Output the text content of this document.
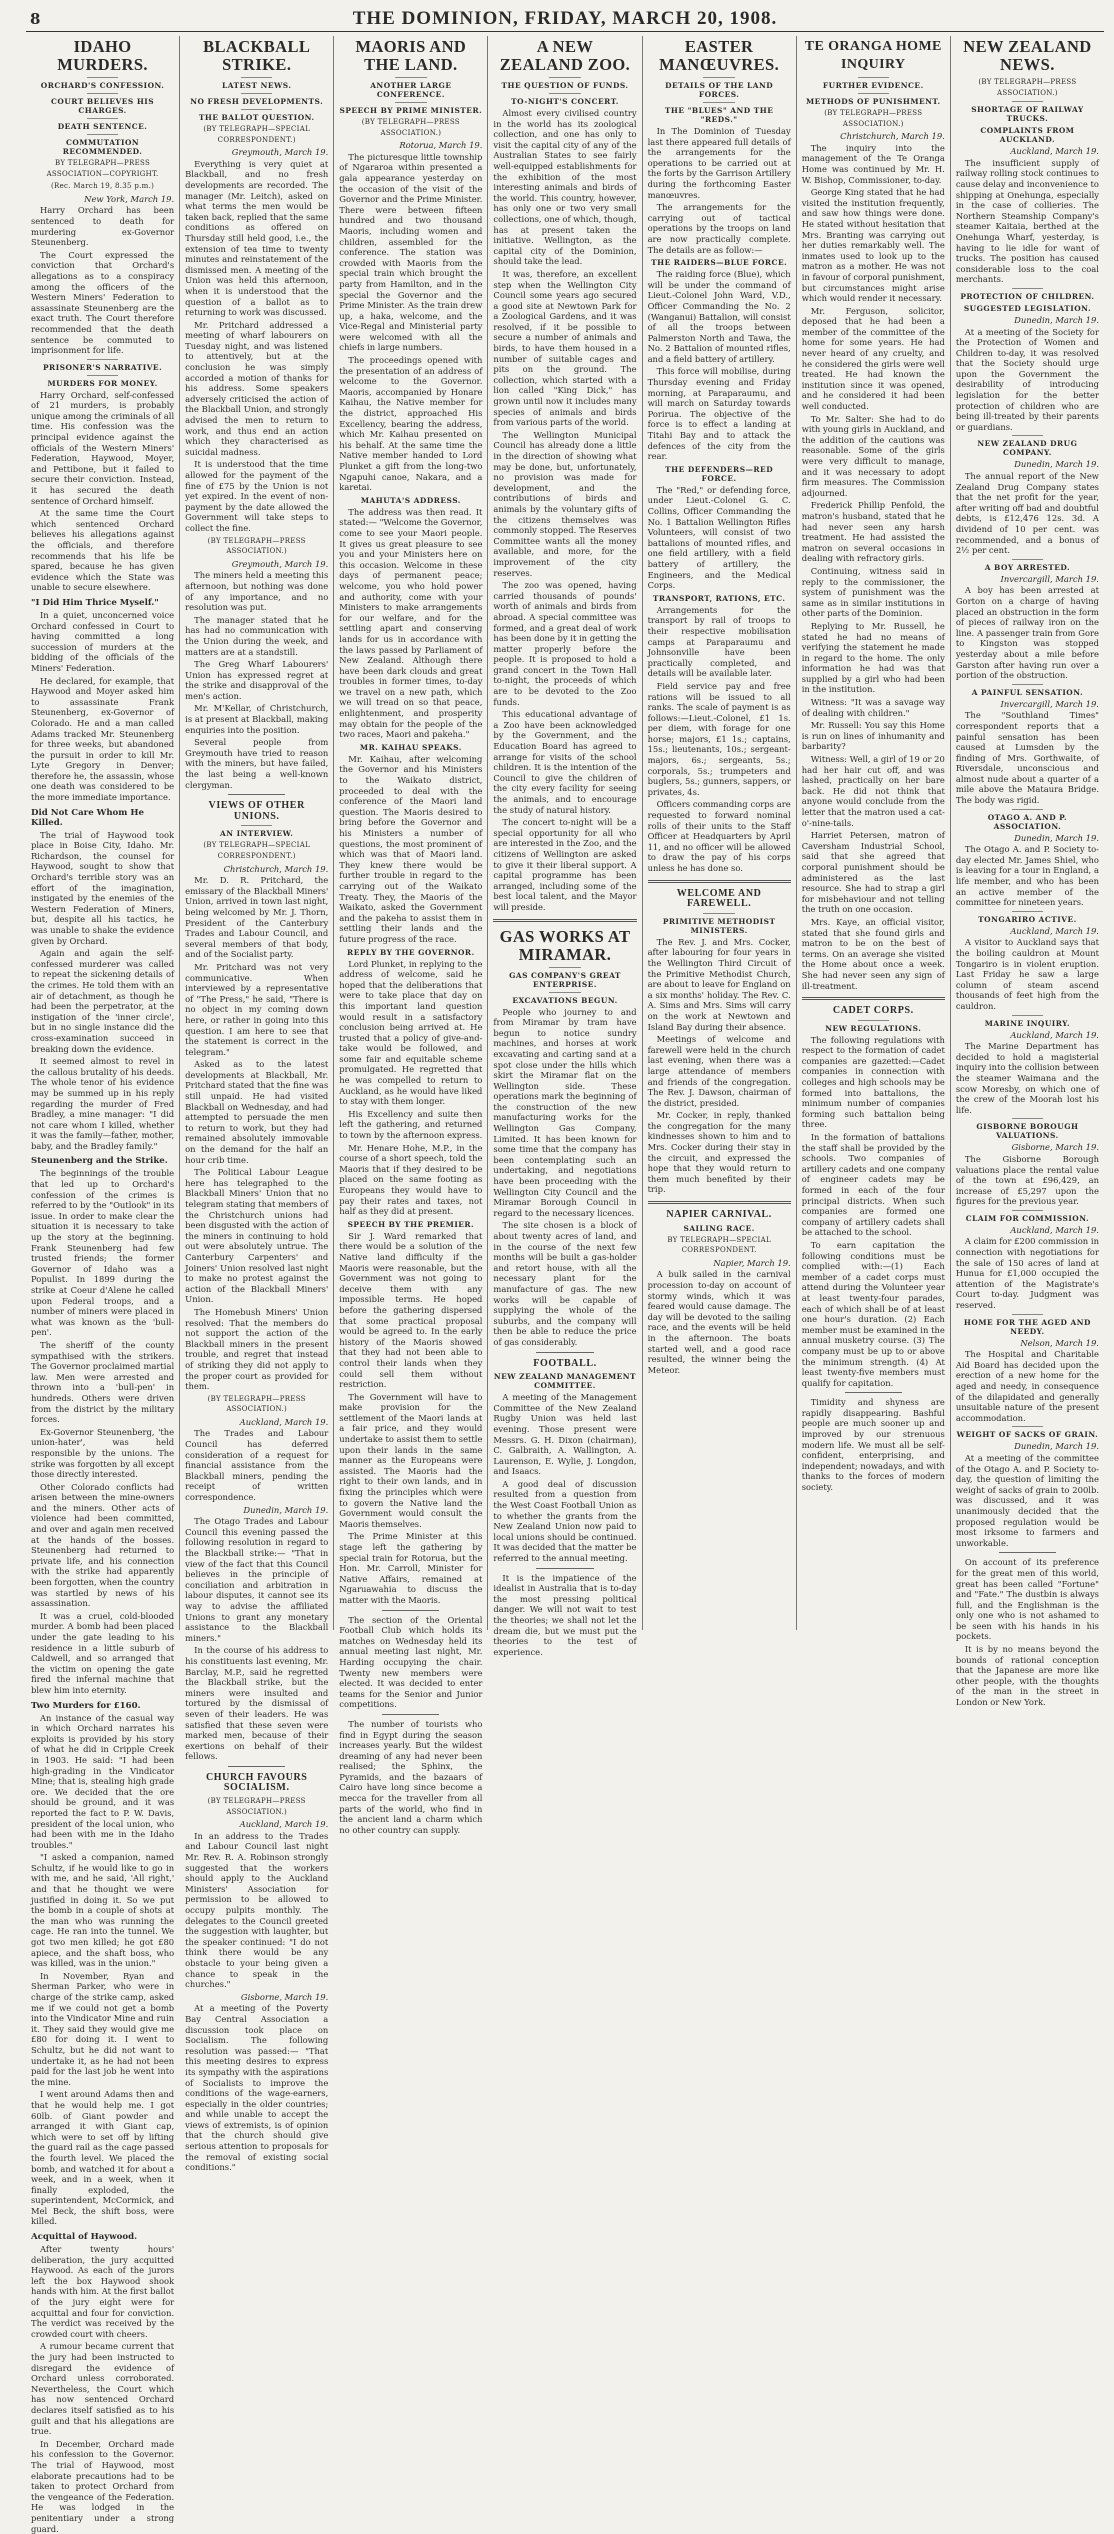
8	THE DOMINION, FRIDAY, MARCH 20, 1908.
IDAHO MURDERS.
ORCHARD'S CONFESSION.
COURT BELIEVES HIS CHARGES.
DEATH SENTENCE.
COMMUTATION RECOMMENDED.
BY TELEGRAPH—PRESS ASSOCIATION—COPYRIGHT.
(Rec. March 19, 8.35 p.m.)
New York, March 19.

Harry Orchard has been sentenced to death for murdering ex-Governor Steunenberg.

The Court expressed the conviction that Orchard's allegations as to a conspiracy among the officers of the Western Miners' Federation to assassinate Steunenberg are the exact truth. The Court therefore recommended that the death sentence be commuted to imprisonment for life.

PRISONER'S NARRATIVE.
MURDERS FOR MONEY.

Harry Orchard, self-confessed of 21 murders, is probably unique among the criminals of all time. His confession was the principal evidence against the officials of the Western Miners' Federation, Haywood, Moyer, and Pettibone, but it failed to secure their conviction. Instead, it has secured the death sentence of Orchard himself.

At the same time the Court which sentenced Orchard believes his allegations against the officials, and therefore recommends that his life be spared, because he has given evidence which the State was unable to secure elsewhere.

"I Did Him Thrice Myself."

In a quiet, unconcerned voice Orchard confessed in Court to having committed a long succession of murders at the bidding of the officials of the Miners' Federation.

He declared, for example, that Haywood and Moyer asked him to assassinate Frank Steunenberg, ex-Governor of Colorado. He and a man called Adams tracked Mr. Steunenberg for three weeks, but abandoned the pursuit in order to kill Mr. Lyte Gregory in Denver; therefore he, the assassin, whose one death was considered to be the more immediate importance.

Did Not Care Whom He Killed.

The trial of Haywood took place in Boise City, Idaho. Mr. Richardson, the counsel for Haywood, sought to show that Orchard's terrible story was an effort of the imagination, instigated by the enemies of the Western Federation of Miners, but, despite all his tactics, he was unable to shake the evidence given by Orchard.

Again and again the self-confessed murderer was called to repeat the sickening details of the crimes. He told them with an air of detachment, as though he had been the perpetrator, at the instigation of the 'inner circle', but in no single instance did the cross-examination succeed in breaking down the evidence.

It seemed almost to revel in the callous brutality of his deeds. The whole tenor of his evidence may be summed up in his reply regarding the murder of Fred Bradley, a mine manager: "I did not care whom I killed, whether it was the family—father, mother, baby, and the Bradley family."

Steunenberg and the Strike.

The beginnings of the trouble that led up to Orchard's confession of the crimes is referred to by the "Outlook" in its issue. In order to make clear the situation it is necessary to take up the story at the beginning. Frank Steunenberg had few trusted friends; the former Governor of Idaho was a Populist. In 1899 during the strike at Coeur d'Alene he called upon Federal troops, and a number of miners were placed in what was known as the 'bull-pen'.

The sheriff of the county sympathised with the strikers. The Governor proclaimed martial law. Men were arrested and thrown into a 'bull-pen' in hundreds. Others were driven from the district by the military forces.

Ex-Governor Steunenberg, 'the union-hater', was held responsible by the unions. The strike was forgotten by all except those directly interested.

Other Colorado conflicts had arisen between the mine-owners and the miners. Other acts of violence had been committed, and over and again men received at the hands of the bosses. Steunenberg had returned to private life, and his connection with the strike had apparently been forgotten, when the country was startled by news of his assassination.

It was a cruel, cold-blooded murder. A bomb had been placed under the gate leading to his residence in a little suburb of Caldwell, and so arranged that the victim on opening the gate fired the infernal machine that blew him into eternity.

Two Murders for £160.

An instance of the casual way in which Orchard narrates his exploits is provided by his story of what he did in Cripple Creek in 1903. He said: "I had been high-grading in the Vindicator Mine; that is, stealing high grade ore. We decided that the ore should be ground, and it was reported the fact to P. W. Davis, president of the local union, who had been with me in the Idaho troubles."

"I asked a companion, named Schultz, if he would like to go in with me, and he said, 'All right,' and that he thought we were justified in doing it. So we put the bomb in a couple of shots at the man who was running the cage. He ran into the tunnel. We got two men killed; he got £80 apiece, and the shaft boss, who was killed, was in the union."

In November, Ryan and Sherman Parker, who were in charge of the strike camp, asked me if we could not get a bomb into the Vindicator Mine and ruin it. They said they would give me £80 for doing it. I went to Schultz, but he did not want to undertake it, as he had not been paid for the last job he went into the mine.

I went around Adams then and that he would help me. I got 60lb. of Giant powder and arranged it with Giant cap, which were to set off by lifting the guard rail as the cage passed the fourth level. We placed the bomb, and watched it for about a week, and in a week, when it finally exploded, the superintendent, McCormick, and Mel Beck, the shift boss, were killed.

Acquittal of Haywood.

After twenty hours' deliberation, the jury acquitted Haywood. As each of the jurors left the box Haywood shook hands with him. At the first ballot of the jury eight were for acquittal and four for conviction. The verdict was received by the crowded court with cheers.

A rumour became current that the jury had been instructed to disregard the evidence of Orchard unless corroborated. Nevertheless, the Court which has now sentenced Orchard declares itself satisfied as to his guilt and that his allegations are true.

In December, Orchard made his confession to the Governor. The trial of Haywood, most elaborate precautions had to be taken to protect Orchard from the vengeance of the Federation. He was lodged in the penitentiary under a strong guard.

BLACKBALL STRIKE.
LATEST NEWS.
NO FRESH DEVELOPMENTS.
THE BALLOT QUESTION.
(BY TELEGRAPH—SPECIAL CORRESPONDENT.)
Greymouth, March 19.

Everything is very quiet at Blackball, and no fresh developments are recorded. The manager (Mr. Leitch), asked on what terms the men would be taken back, replied that the same conditions as offered on Thursday still held good, i.e., the extension of tea time to twenty minutes and reinstatement of the dismissed men. A meeting of the Union was held this afternoon, when it is understood that the question of a ballot as to returning to work was discussed.

Mr. Pritchard addressed a meeting of wharf labourers on Tuesday night, and was listened to attentively, but at the conclusion he was simply accorded a motion of thanks for his address. Some speakers adversely criticised the action of the Blackball Union, and strongly advised the men to return to work, and thus end an action which they characterised as suicidal madness.

It is understood that the time allowed for the payment of the fine of £75 by the Union is not yet expired. In the event of non-payment by the date allowed the Government will take steps to collect the fine.

(BY TELEGRAPH—PRESS ASSOCIATION.)
Greymouth, March 19.

The miners held a meeting this afternoon, but nothing was done of any importance, and no resolution was put.

The manager stated that he has had no communication with the Union during the week, and matters are at a standstill.

The Greg Wharf Labourers' Union has expressed regret at the strike and disapproval of the men's action.

Mr. M'Kellar, of Christchurch, is at present at Blackball, making enquiries into the position.

Several people from Greymouth have tried to reason with the miners, but have failed, the last being a well-known clergyman.

VIEWS OF OTHER UNIONS.
AN INTERVIEW.
(BY TELEGRAPH—SPECIAL CORRESPONDENT.)
Christchurch, March 19.

Mr. D. R. Pritchard, the emissary of the Blackball Miners' Union, arrived in town last night, being welcomed by Mr. J. Thorn, President of the Canterbury Trades and Labour Council, and several members of that body, and of the Socialist party.

Mr. Pritchard was not very communicative. When interviewed by a representative of "The Press," he said, "There is no object in my coming down here, or rather in going into this question. I am here to see that the statement is correct in the telegram."

Asked as to the latest developments at Blackball, Mr. Pritchard stated that the fine was still unpaid. He had visited Blackball on Wednesday, and had attempted to persuade the men to return to work, but they had remained absolutely immovable on the demand for the half an hour crib time.

The Political Labour League here has telegraphed to the Blackball Miners' Union that no telegram stating that members of the Christchurch unions had been disgusted with the action of the miners in continuing to hold out were absolutely untrue. The Canterbury Carpenters' and Joiners' Union resolved last night to make no protest against the action of the Blackball Miners' Union.

The Homebush Miners' Union resolved: That the members do not support the action of the Blackball miners in the present trouble, and regret that instead of striking they did not apply to the proper court as provided for them.

(BY TELEGRAPH—PRESS ASSOCIATION.)
Auckland, March 19.

The Trades and Labour Council has deferred consideration of a request for financial assistance from the Blackball miners, pending the receipt of written correspondence.

Dunedin, March 19.

The Otago Trades and Labour Council this evening passed the following resolution in regard to the Blackball strike:— "That in view of the fact that this Council believes in the principle of conciliation and arbitration in labour disputes, it cannot see its way to advise the affiliated Unions to grant any monetary assistance to the Blackball miners."

In the course of his address to his constituents last evening, Mr. Barclay, M.P., said he regretted the Blackball strike, but the miners were insulted and tortured by the dismissal of seven of their leaders. He was satisfied that these seven were marked men, because of their exertions on behalf of their fellows.

CHURCH FAVOURS SOCIALISM.
(BY TELEGRAPH—PRESS ASSOCIATION.)
Auckland, March 19.

In an address to the Trades and Labour Council last night Mr. Rev. R. A. Robinson strongly suggested that the workers should apply to the Auckland Ministers' Association for permission to be allowed to occupy pulpits monthly. The delegates to the Council greeted the suggestion with laughter, but the speaker continued: "I do not think there would be any obstacle to your being given a chance to speak in the churches."

Gisborne, March 19.

At a meeting of the Poverty Bay Central Association a discussion took place on Socialism. The following resolution was passed:— "That this meeting desires to express its sympathy with the aspirations of Socialists to improve the conditions of the wage-earners, especially in the older countries; and while unable to accept the views of extremists, is of opinion that the church should give serious attention to proposals for the removal of existing social conditions."

MAORIS AND THE LAND.
ANOTHER LARGE CONFERENCE.
SPEECH BY PRIME MINISTER.
(BY TELEGRAPH—PRESS ASSOCIATION.)
Rotorua, March 19.

The picturesque little township of Ngararoa within presented a gala appearance yesterday on the occasion of the visit of the Governor and the Prime Minister. There were between fifteen hundred and two thousand Maoris, including women and children, assembled for the conference. The station was crowded with Maoris from the special train which brought the party from Hamilton, and in the special the Governor and the Prime Minister. As the train drew up, a haka, welcome, and the Vice-Regal and Ministerial party were welcomed with all the chiefs in large numbers.

The proceedings opened with the presentation of an address of welcome to the Governor. Maoris, accompanied by Honare Kaihau, the Native member for the district, approached His Excellency, bearing the address, which Mr. Kaihau presented on his behalf. At the same time the Native member handed to Lord Plunket a gift from the long-two Ngapuhi canoe, Nakara, and a karetai.

MAHUTA'S ADDRESS.

The address was then read. It stated:— "Welcome the Governor, come to see your Maori people. It gives us great pleasure to see you and your Ministers here on this occasion. Welcome in these days of permanent peace; welcome, you who hold power and authority, come with your Ministers to make arrangements for our welfare, and for the settling apart and conserving lands for us in accordance with the laws passed by Parliament of New Zealand. Although there have been dark clouds and great troubles in former times, to-day we travel on a new path, which we will tread on so that peace, enlightenment, and prosperity may obtain for the people of the two races, Maori and pakeha."

MR. KAIHAU SPEAKS.

Mr. Kaihau, after welcoming the Governor and his Ministers to the Waikato district, proceeded to deal with the conference of the Maori land question. The Maoris desired to bring before the Governor and his Ministers a number of questions, the most prominent of which was that of Maori land. They knew there would be further trouble in regard to the carrying out of the Waikato Treaty. They, the Maoris of the Waikato, asked the Government and the pakeha to assist them in settling their lands and the future progress of the race.

REPLY BY THE GOVERNOR.

Lord Plunket, in replying to the address of welcome, said he hoped that the deliberations that were to take place that day on this important land question would result in a satisfactory conclusion being arrived at. He trusted that a policy of give-and-take would be followed, and some fair and equitable scheme promulgated. He regretted that he was compelled to return to Auckland, as he would have liked to stay with them longer.

His Excellency and suite then left the gathering, and returned to town by the afternoon express.

Mr. Henare Hohe, M.P., in the course of a short speech, told the Maoris that if they desired to be placed on the same footing as Europeans they would have to pay their rates and taxes, not half as they did at present.

SPEECH BY THE PREMIER.

Sir J. Ward remarked that there would be a solution of the Native land difficulty if the Maoris were reasonable, but the Government was not going to deceive them with any impossible terms. He hoped before the gathering dispersed that some practical proposal would be agreed to. In the early history of the Maoris showed that they had not been able to control their lands when they could sell them without restriction.

The Government will have to make provision for the settlement of the Maori lands at a fair price, and they would undertake to assist them to settle upon their lands in the same manner as the Europeans were assisted. The Maoris had the right to their own lands, and in fixing the principles which were to govern the Native land the Government would consult the Maoris themselves.

The Prime Minister at this stage left the gathering by special train for Rotorua, but the Hon. Mr. Carroll, Minister for Native Affairs, remained at Ngaruawahia to discuss the matter with the Maoris.

The section of the Oriental Football Club which holds its matches on Wednesday held its annual meeting last night, Mr. Harding occupying the chair. Twenty new members were elected. It was decided to enter teams for the Senior and Junior competitions.

The number of tourists who find in Egypt during the season increases yearly. But the wildest dreaming of any had never been realised; the Sphinx, the Pyramids, and the bazaars of Cairo have long since become a mecca for the traveller from all parts of the world, who find in the ancient land a charm which no other country can supply.

A NEW ZEALAND ZOO.
THE QUESTION OF FUNDS.
TO-NIGHT'S CONCERT.

Almost every civilised country in the world has its zoological collection, and one has only to visit the capital city of any of the Australian States to see fairly well-equipped establishments for the exhibition of the most interesting animals and birds of the world. This country, however, has only one or two very small collections, one of which, though, has at present taken the initiative. Wellington, as the capital city of the Dominion, should take the lead.

It was, therefore, an excellent step when the Wellington City Council some years ago secured a good site at Newtown Park for a Zoological Gardens, and it was resolved, if it be possible to secure a number of animals and birds, to have them housed in a number of suitable cages and pits on the ground. The collection, which started with a lion called "King Dick," has grown until now it includes many species of animals and birds from various parts of the world.

The Wellington Municipal Council has already done a little in the direction of showing what may be done, but, unfortunately, no provision was made for development, and the contributions of birds and animals by the voluntary gifts of the citizens themselves was commonly stopped. The Reserves Committee wants all the money available, and more, for the improvement of the city reserves.

The zoo was opened, having carried thousands of pounds' worth of animals and birds from abroad. A special committee was formed, and a great deal of work has been done by it in getting the matter properly before the people. It is proposed to hold a grand concert in the Town Hall to-night, the proceeds of which are to be devoted to the Zoo funds.

This educational advantage of a Zoo have been acknowledged by the Government, and the Education Board has agreed to arrange for visits of the school children. It is the intention of the Council to give the children of the city every facility for seeing the animals, and to encourage the study of natural history.

The concert to-night will be a special opportunity for all who are interested in the Zoo, and the citizens of Wellington are asked to give it their liberal support. A capital programme has been arranged, including some of the best local talent, and the Mayor will preside.

GAS WORKS AT MIRAMAR.
GAS COMPANY'S GREAT ENTERPRISE.
EXCAVATIONS BEGUN.

People who journey to and from Miramar by tram have begun to notice sundry machines, and horses at work excavating and carting sand at a spot close under the hills which skirt the Miramar flat on the Wellington side. These operations mark the beginning of the construction of the new manufacturing works for the Wellington Gas Company, Limited. It has been known for some time that the company has been contemplating such an undertaking, and negotiations have been proceeding with the Wellington City Council and the Miramar Borough Council in regard to the necessary licences.

The site chosen is a block of about twenty acres of land, and in the course of the next few months will be built a gas-holder and retort house, with all the necessary plant for the manufacture of gas. The new works will be capable of supplying the whole of the suburbs, and the company will then be able to reduce the price of gas considerably.

FOOTBALL.
NEW ZEALAND MANAGEMENT COMMITTEE.

A meeting of the Management Committee of the New Zealand Rugby Union was held last evening. Those present were Messrs. G. H. Dixon (chairman), C. Galbraith, A. Wallington, A. Laurenson, E. Wylie, J. Longdon, and Isaacs.

A good deal of discussion resulted from a question from the West Coast Football Union as to whether the grants from the New Zealand Union now paid to local unions should be continued. It was decided that the matter be referred to the annual meeting.

It is the impatience of the idealist in Australia that is to-day the most pressing political danger. We will not wait to test the theories; we shall not let the dream die, but we must put the theories to the test of experience.

EASTER MANŒUVRES.
DETAILS OF THE LAND FORCES.
THE "BLUES" AND THE "REDS."

In The Dominion of Tuesday last there appeared full details of the arrangements for the operations to be carried out at the forts by the Garrison Artillery during the forthcoming Easter manœuvres.

The arrangements for the carrying out of tactical operations by the troops on land are now practically complete. The details are as follow:—

THE RAIDERS—BLUE FORCE.

The raiding force (Blue), which will be under the command of Lieut.-Colonel John Ward, V.D., Officer Commanding the No. 2 (Wanganui) Battalion, will consist of all the troops between Palmerston North and Tawa, the No. 2 Battalion of mounted rifles, and a field battery of artillery.

This force will mobilise, during Thursday evening and Friday morning, at Paraparaumu, and will march on Saturday towards Porirua. The objective of the force is to effect a landing at Titahi Bay and to attack the defences of the city from the rear.

THE DEFENDERS—RED FORCE.

The "Red," or defending force, under Lieut.-Colonel G. C. Collins, Officer Commanding the No. 1 Battalion Wellington Rifles Volunteers, will consist of two battalions of mounted rifles, and one field artillery, with a field battery of artillery, the Engineers, and the Medical Corps.

TRANSPORT, RATIONS, ETC.

Arrangements for the transport by rail of troops to their respective mobilisation camps at Paraparaumu and Johnsonville have been practically completed, and details will be available later.

Field service pay and free rations will be issued to all ranks. The scale of payment is as follows:—Lieut.-Colonel, £1 1s. per diem, with forage for one horse; majors, £1 1s.; captains, 15s.; lieutenants, 10s.; sergeant-majors, 6s.; sergeants, 5s.; corporals, 5s.; trumpeters and buglers, 5s.; gunners, sappers, or privates, 4s.

Officers commanding corps are requested to forward nominal rolls of their units to the Staff Officer at Headquarters by April 11, and no officer will be allowed to draw the pay of his corps unless he has done so.

WELCOME AND FAREWELL.
PRIMITIVE METHODIST MINISTERS.

The Rev. J. and Mrs. Cocker, after labouring for four years in the Wellington Third Circuit of the Primitive Methodist Church, are about to leave for England on a six months' holiday. The Rev. C. A. Sims and Mrs. Sims will carry on the work at Newtown and Island Bay during their absence.

Meetings of welcome and farewell were held in the church last evening, when there was a large attendance of members and friends of the congregation. The Rev. J. Dawson, chairman of the district, presided.

Mr. Cocker, in reply, thanked the congregation for the many kindnesses shown to him and to Mrs. Cocker during their stay in the circuit, and expressed the hope that they would return to them much benefited by their trip.

NAPIER CARNIVAL.
SAILING RACE.
BY TELEGRAPH—SPECIAL CORRESPONDENT.
Napier, March 19.

A bulk sailed in the carnival procession to-day on account of stormy winds, which it was feared would cause damage. The day will be devoted to the sailing race, and the events will be held in the afternoon. The boats started well, and a good race resulted, the winner being the Meteor.

TE ORANGA HOME INQUIRY
FURTHER EVIDENCE.
METHODS OF PUNISHMENT.
(BY TELEGRAPH—PRESS ASSOCIATION.)
Christchurch, March 19.

The inquiry into the management of the Te Oranga Home was continued by Mr. H. W. Bishop, Commissioner, to-day.

George King stated that he had visited the institution frequently, and saw how things were done. He stated without hesitation that Mrs. Branting was carrying out her duties remarkably well. The inmates used to look up to the matron as a mother. He was not in favour of corporal punishment, but circumstances might arise which would render it necessary.

Mr. Ferguson, solicitor, deposed that he had been a member of the committee of the home for some years. He had never heard of any cruelty, and he considered the girls were well treated. He had known the institution since it was opened, and he considered it had been well conducted.

To Mr. Salter: She had to do with young girls in Auckland, and the addition of the cautions was reasonable. Some of the girls were very difficult to manage, and it was necessary to adopt firm measures. The Commission adjourned.

Frederick Phillip Penfold, the matron's husband, stated that he had never seen any harsh treatment. He had assisted the matron on several occasions in dealing with refractory girls.

Continuing, witness said in reply to the commissioner, the system of punishment was the same as in similar institutions in other parts of the Dominion.

Replying to Mr. Russell, he stated he had no means of verifying the statement he made in regard to the home. The only information he had was that supplied by a girl who had been in the institution.

Witness: "It was a savage way of dealing with children."

Mr. Russell: You say this Home is run on lines of inhumanity and barbarity?

Witness: Well, a girl of 19 or 20 had her hair cut off, and was lashed, practically on her bare back. He did not think that anyone would conclude from the letter that the matron used a cat-o'-nine-tails.

Harriet Petersen, matron of Caversham Industrial School, said that she agreed that corporal punishment should be administered as the last resource. She had to strap a girl for misbehaviour and not telling the truth on one occasion.

Mrs. Kaye, an official visitor, stated that she found girls and matron to be on the best of terms. On an average she visited the Home about once a week. She had never seen any sign of ill-treatment.

CADET CORPS.
NEW REGULATIONS.

The following regulations with respect to the formation of cadet companies are gazetted:—Cadet companies in connection with colleges and high schools may be formed into battalions, the minimum number of companies forming such battalion being three.

In the formation of battalions the staff shall be provided by the schools. Two companies of artillery cadets and one company of engineer cadets may be formed in each of the four principal districts. When such companies are formed one company of artillery cadets shall be attached to the school.

To earn capitation the following conditions must be complied with:—(1) Each member of a cadet corps must attend during the Volunteer year at least twenty-four parades, each of which shall be of at least one hour's duration. (2) Each member must be examined in the annual musketry course. (3) The company must be up to or above the minimum strength. (4) At least twenty-five members must qualify for capitation.

Timidity and shyness are rapidly disappearing. Bashful people are much sooner up and improved by our strenuous modern life. We must all be self-confident, enterprising, and independent; nowadays, and with thanks to the forces of modern society.

NEW ZEALAND NEWS.
(BY TELEGRAPH—PRESS ASSOCIATION.)
SHORTAGE OF RAILWAY TRUCKS.
COMPLAINTS FROM AUCKLAND.
Auckland, March 19.

The insufficient supply of railway rolling stock continues to cause delay and inconvenience to shipping at Onehunga, especially in the case of collieries. The Northern Steamship Company's steamer Kaitaia, berthed at the Onehunga Wharf, yesterday, is having to lie idle for want of trucks. The position has caused considerable loss to the coal merchants.

PROTECTION OF CHILDREN.
SUGGESTED LEGISLATION.
Dunedin, March 19.

At a meeting of the Society for the Protection of Women and Children to-day, it was resolved that the Society should urge upon the Government the desirability of introducing legislation for the better protection of children who are being ill-treated by their parents or guardians.

NEW ZEALAND DRUG COMPANY.
Dunedin, March 19.

The annual report of the New Zealand Drug Company states that the net profit for the year, after writing off bad and doubtful debts, is £12,476 12s. 3d. A dividend of 10 per cent. was recommended, and a bonus of 2½ per cent.

A BOY ARRESTED.
Invercargill, March 19.

A boy has been arrested at Gorton on a charge of having placed an obstruction in the form of pieces of railway iron on the line. A passenger train from Gore to Kingston was stopped yesterday about a mile before Garston after having run over a portion of the obstruction.

A PAINFUL SENSATION.
Invercargill, March 19.

The "Southland Times" correspondent reports that a painful sensation has been caused at Lumsden by the finding of Mrs. Gorthwaite, of Riversdale, unconscious and almost nude about a quarter of a mile above the Mataura Bridge. The body was rigid.

OTAGO A. AND P. ASSOCIATION.
Dunedin, March 19.

The Otago A. and P. Society to-day elected Mr. James Shiel, who is leaving for a tour in England, a life member, and who has been an active member of the committee for nineteen years.

TONGARIRO ACTIVE.
Auckland, March 19.

A visitor to Auckland says that the boiling cauldron at Mount Tongariro is in violent eruption. Last Friday he saw a large column of steam ascend thousands of feet high from the cauldron.

MARINE INQUIRY.
Auckland, March 19.

The Marine Department has decided to hold a magisterial inquiry into the collision between the steamer Waimana and the scow Moresby, on which one of the crew of the Moorah lost his life.

GISBORNE BOROUGH VALUATIONS.
Gisborne, March 19.

The Gisborne Borough valuations place the rental value of the town at £96,429, an increase of £5,297 upon the figures for the previous year.

CLAIM FOR COMMISSION.
Auckland, March 19.

A claim for £200 commission in connection with negotiations for the sale of 150 acres of land at Hunua for £1,000 occupied the attention of the Magistrate's Court to-day. Judgment was reserved.

HOME FOR THE AGED AND NEEDY.
Nelson, March 19.

The Hospital and Charitable Aid Board has decided upon the erection of a new home for the aged and needy, in consequence of the dilapidated and generally unsuitable nature of the present accommodation.

WEIGHT OF SACKS OF GRAIN.
Dunedin, March 19.

At a meeting of the committee of the Otago A. and P. Society to-day, the question of limiting the weight of sacks of grain to 200lb. was discussed, and it was unanimously decided that the proposed regulation would be most irksome to farmers and unworkable.

On account of its preference for the great men of this world, great has been called "Fortune" and "Fate." The dustbin is always full, and the Englishman is the only one who is not ashamed to be seen with his hands in his pockets.

It is by no means beyond the bounds of rational conception that the Japanese are more like other people, with the thoughts of the man in the street in London or New York.
